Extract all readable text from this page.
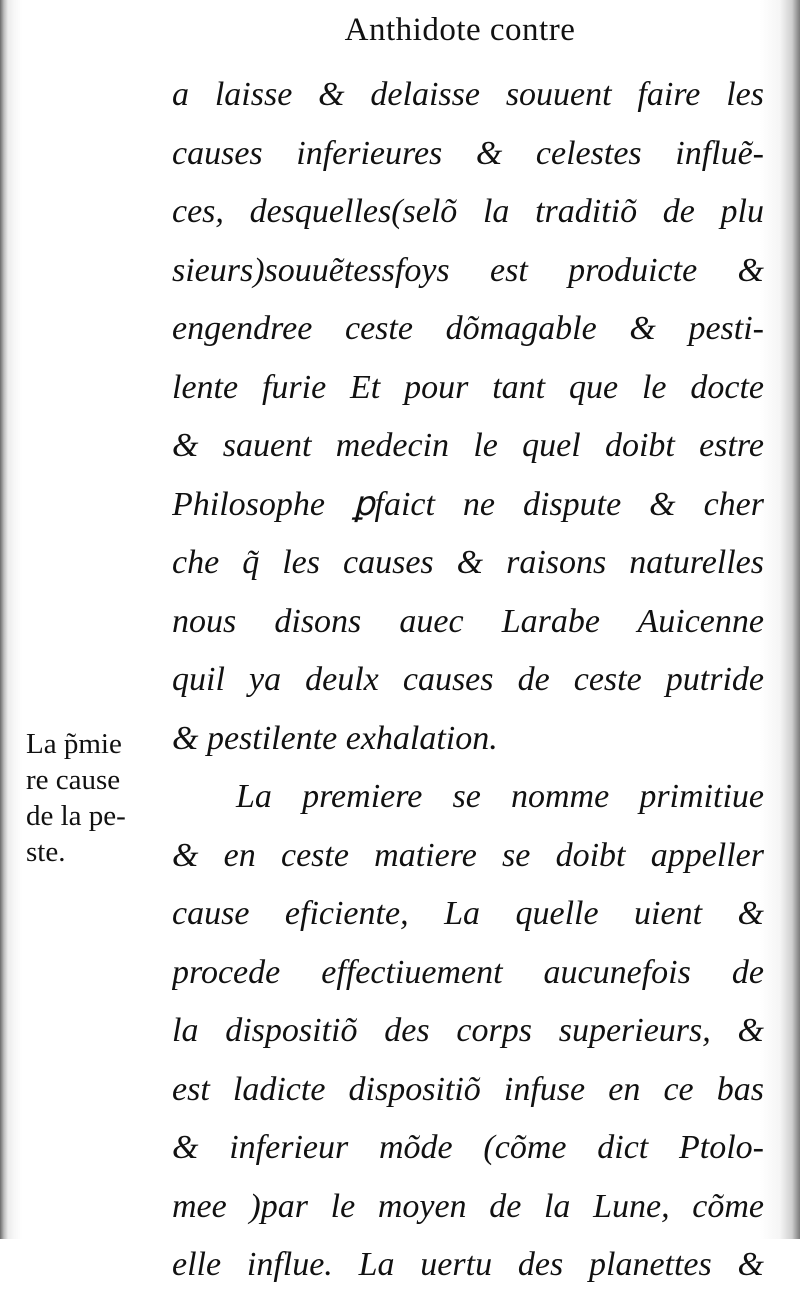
Anthidote contre
a laisse & delaisse souuent faire les
causes inferieures & celestes influẽ-
ces, desquelles(selõ la traditiõ de plu
sieurs)souuẽtessfoys est produicte &
engendree ceste dõmagable & pesti-
lente furie Et pour tant que le docte
& sauent medecin le quel doibt estre
Philosophe ꝑfaict ne dispute & cher
che q̃ les causes & raisons naturelles
nous disons auec Larabe Auicenne
quil ya deulx causes de ceste putride
& pestilente exhalation.
La premiere se nomme primitiue
& en ceste matiere se doibt appeller
cause eficiente, La quelle uient &
procede effectiuement aucunefois de
la dispositiõ des corps superieurs, &
est ladicte dispositiõ infuse en ce bas
& inferieur mõde (cõme dict Ptolo-
mee )par le moyen de la Lune, cõme
elle influe. La uertu des planettes &
La p̃mie
re cause
de la pe-
ste.
